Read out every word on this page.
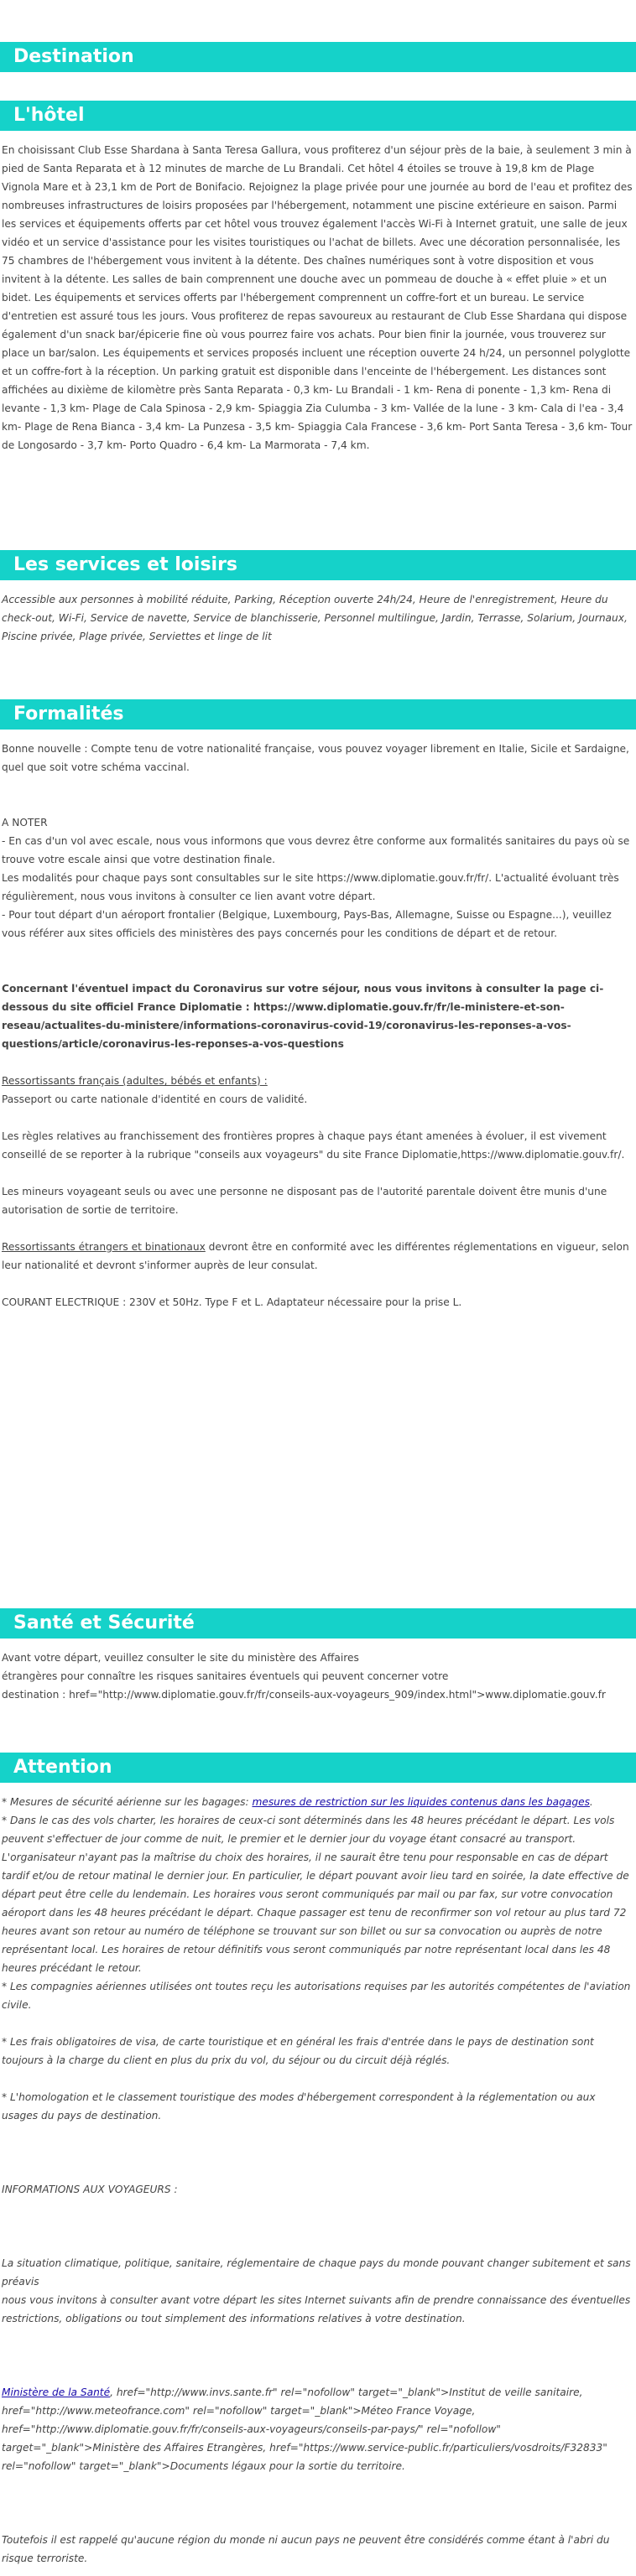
Destination
L'hôtel

En choisissant Club Esse Shardana à Santa Teresa Gallura, vous profiterez d'un séjour près de la baie, à seulement 3 min à pied de Santa Reparata et à 12 minutes de marche de Lu Brandali. Cet hôtel 4 étoiles se trouve à 19,8 km de Plage Vignola Mare et à 23,1 km de Port de Bonifacio. Rejoignez la plage privée pour une journée au bord de l'eau et profitez des nombreuses infrastructures de loisirs proposées par l'hébergement, notamment une piscine extérieure en saison. Parmi les services et équipements offerts par cet hôtel vous trouvez également l'accès Wi-Fi à Internet gratuit, une salle de jeux vidéo et un service d'assistance pour les visites touristiques ou l'achat de billets. Avec une décoration personnalisée, les 75 chambres de l'hébergement vous invitent à la détente. Des chaînes numériques sont à votre disposition et vous invitent à la détente. Les salles de bain comprennent une douche avec un pommeau de douche à « effet pluie » et un bidet. Les équipements et services offerts par l'hébergement comprennent un coffre-fort et un bureau. Le service d'entretien est assuré tous les jours. Vous profiterez de repas savoureux au restaurant de Club Esse Shardana qui dispose également d'un snack bar/épicerie fine où vous pourrez faire vos achats. Pour bien finir la journée, vous trouverez sur place un bar/salon. Les équipements et services proposés incluent une réception ouverte 24 h/24, un personnel polyglotte et un coffre-fort à la réception. Un parking gratuit est disponible dans l'enceinte de l'hébergement. Les distances sont affichées au dixième de kilomètre près Santa Reparata - 0,3 km- Lu Brandali - 1 km- Rena di ponente - 1,3 km- Rena di levante - 1,3 km- Plage de Cala Spinosa - 2,9 km- Spiaggia Zia Culumba - 3 km- Vallée de la lune - 3 km- Cala di l'ea - 3,4 km- Plage de Rena Bianca - 3,4 km- La Punzesa - 3,5 km- Spiaggia Cala Francese - 3,6 km- Port Santa Teresa - 3,6 km- Tour de Longosardo - 3,7 km- Porto Quadro - 6,4 km- La Marmorata - 7,4 km.

Les services et loisirs

Accessible aux personnes à mobilité réduite, Parking, Réception ouverte 24h/24, Heure de l'enregistrement, Heure du check-out, Wi-Fi, Service de navette, Service de blanchisserie, Personnel multilingue, Jardin, Terrasse, Solarium, Journaux, Piscine privée, Plage privée, Serviettes et linge de lit

Formalités

Bonne nouvelle : Compte tenu de votre nationalité française, vous pouvez voyager librement en Italie, Sicile et Sardaigne, quel que soit votre schéma vaccinal.

A NOTER

- En cas d'un vol avec escale, nous vous informons que vous devrez être conforme aux formalités sanitaires du pays où se trouve votre escale ainsi que votre destination finale.

Les modalités pour chaque pays sont consultables sur le site https://www.diplomatie.gouv.fr/fr/. L'actualité évoluant très régulièrement, nous vous invitons à consulter ce lien avant votre départ.

- Pour tout départ d'un aéroport frontalier (Belgique, Luxembourg, Pays-Bas, Allemagne, Suisse ou Espagne...), veuillez vous référer aux sites officiels des ministères des pays concernés pour les conditions de départ et de retour.

Concernant l'éventuel impact du Coronavirus sur votre séjour, nous vous invitons à consulter la page ci-dessous du site officiel France Diplomatie : https://www.diplomatie.gouv.fr/fr/le-ministere-et-son-reseau/actualites-du-ministere/informations-coronavirus-covid-19/coronavirus-les-reponses-a-vos-questions/article/coronavirus-les-reponses-a-vos-questions

Ressortissants français (adultes, bébés et enfants) :

Passeport ou carte nationale d'identité en cours de validité.

Les règles relatives au franchissement des frontières propres à chaque pays étant amenées à évoluer, il est vivement conseillé de se reporter à la rubrique "conseils aux voyageurs" du site France Diplomatie,https://www.diplomatie.gouv.fr/.

Les mineurs voyageant seuls ou avec une personne ne disposant pas de l'autorité parentale doivent être munis d'une autorisation de sortie de territoire.

Ressortissants étrangers et binationaux devront être en conformité avec les différentes réglementations en vigueur, selon leur nationalité et devront s'informer auprès de leur consulat.

COURANT ELECTRIQUE : 230V et 50Hz. Type F et L. Adaptateur nécessaire pour la prise L.

Santé et Sécurité

Avant votre départ, veuillez consulter le site du ministère des Affaires

étrangères pour connaître les risques sanitaires éventuels qui peuvent concerner votre

destination : href="http://www.diplomatie.gouv.fr/fr/conseils-aux-voyageurs_909/index.html">www.diplomatie.gouv.fr

Attention

* Mesures de sécurité aérienne sur les bagages: mesures de restriction sur les liquides contenus dans les bagages.

* Dans le cas des vols charter, les horaires de ceux-ci sont déterminés dans les 48 heures précédant le départ. Les vols peuvent s'effectuer de jour comme de nuit, le premier et le dernier jour du voyage étant consacré au transport. L'organisateur n'ayant pas la maîtrise du choix des horaires, il ne saurait être tenu pour responsable en cas de départ tardif et/ou de retour matinal le dernier jour. En particulier, le départ pouvant avoir lieu tard en soirée, la date effective de départ peut être celle du lendemain. Les horaires vous seront communiqués par mail ou par fax, sur votre convocation aéroport dans les 48 heures précédant le départ. Chaque passager est tenu de reconfirmer son vol retour au plus tard 72 heures avant son retour au numéro de téléphone se trouvant sur son billet ou sur sa convocation ou auprès de notre représentant local. Les horaires de retour définitifs vous seront communiqués par notre représentant local dans les 48 heures précédant le retour.

* Les compagnies aériennes utilisées ont toutes reçu les autorisations requises par les autorités compétentes de l'aviation civile.

* Les frais obligatoires de visa, de carte touristique et en général les frais d'entrée dans le pays de destination sont toujours à la charge du client en plus du prix du vol, du séjour ou du circuit déjà réglés.

* L'homologation et le classement touristique des modes d'hébergement correspondent à la réglementation ou aux usages du pays de destination.

INFORMATIONS AUX VOYAGEURS :

La situation climatique, politique, sanitaire, réglementaire de chaque pays du monde pouvant changer subitement et sans préavis

nous vous invitons à consulter avant votre départ les sites Internet suivants afin de prendre connaissance des éventuelles restrictions, obligations ou tout simplement des informations relatives à votre destination.

Ministère de la Santé, href="http://www.invs.sante.fr" rel="nofollow" target="_blank">Institut de veille sanitaire, href="http://www.meteofrance.com" rel="nofollow" target="_blank">Méteo France Voyage, href="http://www.diplomatie.gouv.fr/fr/conseils-aux-voyageurs/conseils-par-pays/" rel="nofollow" target="_blank">Ministère des Affaires Etrangères, href="https://www.service-public.fr/particuliers/vosdroits/F32833" rel="nofollow" target="_blank">Documents légaux pour la sortie du territoire.

Toutefois il est rappelé qu'aucune région du monde ni aucun pays ne peuvent être considérés comme étant à l'abri du risque terroriste.
